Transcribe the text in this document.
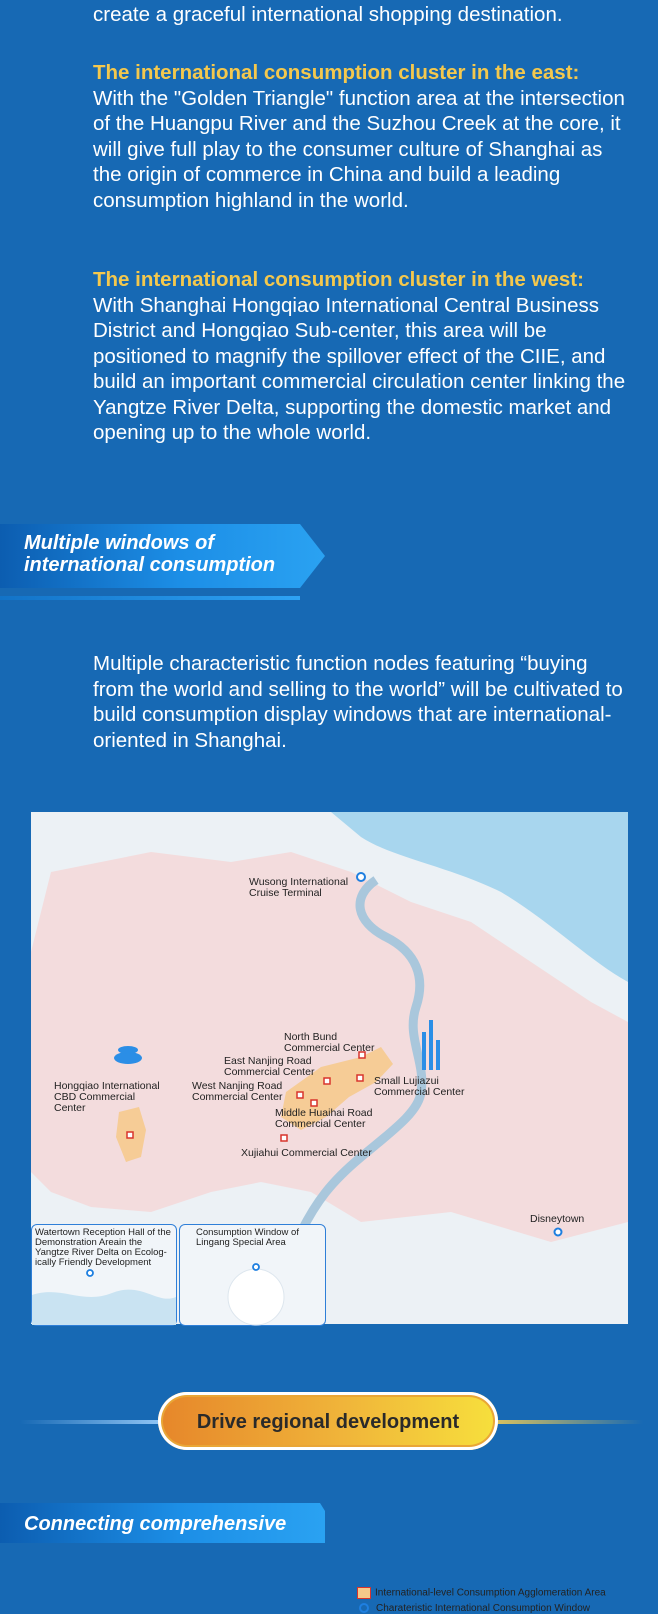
create a graceful international shopping destination.
The international consumption cluster in the east:
With the "Golden Triangle" function area at the intersection of the Huangpu River and the Suzhou Creek at the core, it will give full play to the consumer culture of Shanghai as the origin of commerce in China and build a leading consumption highland in the world.
The international consumption cluster in the west:
With Shanghai Hongqiao International Central Business District and Hongqiao Sub-center, this area will be positioned to magnify the spillover effect of the CIIE, and build an important commercial circulation center linking the Yangtze River Delta, supporting the domestic market and opening up to the whole world.
Multiple windows of international consumption
Multiple characteristic function nodes featuring “buying from the world and selling to the world” will be cultivated to build consumption display windows that are international-oriented in Shanghai.
Wusong International Cruise Terminal
North Bund Commercial Center
East Nanjing Road Commercial Center
Hongqiao International CBD Commercial Center
West Nanjing Road Commercial Center
Small Lujiazui Commercial Center
Middle Huaihai Road Commercial Center
Xujiahui Commercial Center
Disneytown
Watertown Reception Hall of the Demonstration Areain the Yangtze River Delta on Ecolog-ically Friendly Development
Consumption Window of Lingang Special Area
International-level Consumption Agglomeration Area
Charateristic International Consumption Window
Drive regional development
Connecting comprehensive
